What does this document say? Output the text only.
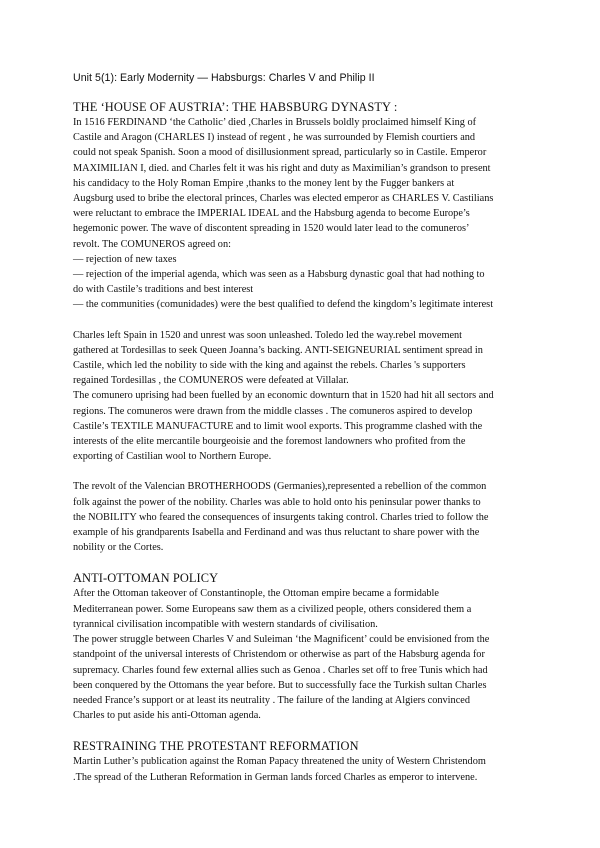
Unit 5(1): Early Modernity — Habsburgs: Charles V and Philip II
THE ‘HOUSE OF AUSTRIA’: THE HABSBURG DYNASTY :
In 1516 FERDINAND ‘the Catholic’ died ,Charles in Brussels boldly proclaimed himself King of
Castile and Aragon (CHARLES I) instead of regent , he was surrounded by Flemish courtiers and
could not speak Spanish. Soon a mood of disillusionment spread, particularly so in Castile. Emperor
MAXIMILIAN I, died. and Charles felt it was his right and duty as Maximilian’s grandson to present
his candidacy to the Holy Roman Empire ,thanks to the money lent by the Fugger bankers at
Augsburg used to bribe the electoral princes, Charles was elected emperor as CHARLES V. Castilians
were reluctant to embrace the IMPERIAL IDEAL and the Habsburg agenda to become Europe’s
hegemonic power. The wave of discontent spreading in 1520 would later lead to the comuneros’
revolt. The COMUNEROS agreed on:
— rejection of new taxes
— rejection of the imperial agenda, which was seen as a Habsburg dynastic goal that had nothing to
do with Castile’s traditions and best interest
— the communities (comunidades) were the best qualified to defend the kingdom’s legitimate interest
Charles left Spain in 1520 and unrest was soon unleashed. Toledo led the way.rebel movement
gathered at Tordesillas to seek Queen Joanna’s backing. ANTI-SEIGNEURIAL sentiment spread in
Castile, which led the nobility to side with the king and against the rebels. Charles 's supporters
regained Tordesillas , the COMUNEROS were defeated at Villalar.
The comunero uprising had been fuelled by an economic downturn that in 1520 had hit all sectors and
regions. The comuneros were drawn from the middle classes . The comuneros aspired to develop
Castile’s TEXTILE MANUFACTURE and to limit wool exports. This programme clashed with the
interests of the elite mercantile bourgeoisie and the foremost landowners who profited from the
exporting of Castilian wool to Northern Europe.
The revolt of the Valencian BROTHERHOODS (Germanies),represented a rebellion of the common
folk against the power of the nobility. Charles was able to hold onto his peninsular power thanks to
the NOBILITY who feared the consequences of insurgents taking control. Charles tried to follow the
example of his grandparents Isabella and Ferdinand and was thus reluctant to share power with the
nobility or the Cortes.
ANTI-OTTOMAN POLICY
After the Ottoman takeover of Constantinople, the Ottoman empire became a formidable
Mediterranean power. Some Europeans saw them as a civilized people, others considered them a
tyrannical civilisation incompatible with western standards of civilisation.
The power struggle between Charles V and Suleiman ‘the Magnificent’ could be envisioned from the
standpoint of the universal interests of Christendom or otherwise as part of the Habsburg agenda for
supremacy. Charles found few external allies such as Genoa . Charles set off to free Tunis which had
been conquered by the Ottomans the year before. But to successfully face the Turkish sultan Charles
needed France’s support or at least its neutrality . The failure of the landing at Algiers convinced
Charles to put aside his anti-Ottoman agenda.
RESTRAINING THE PROTESTANT REFORMATION
Martin Luther’s publication against the Roman Papacy threatened the unity of Western Christendom
.The spread of the Lutheran Reformation in German lands forced Charles as emperor to intervene.
